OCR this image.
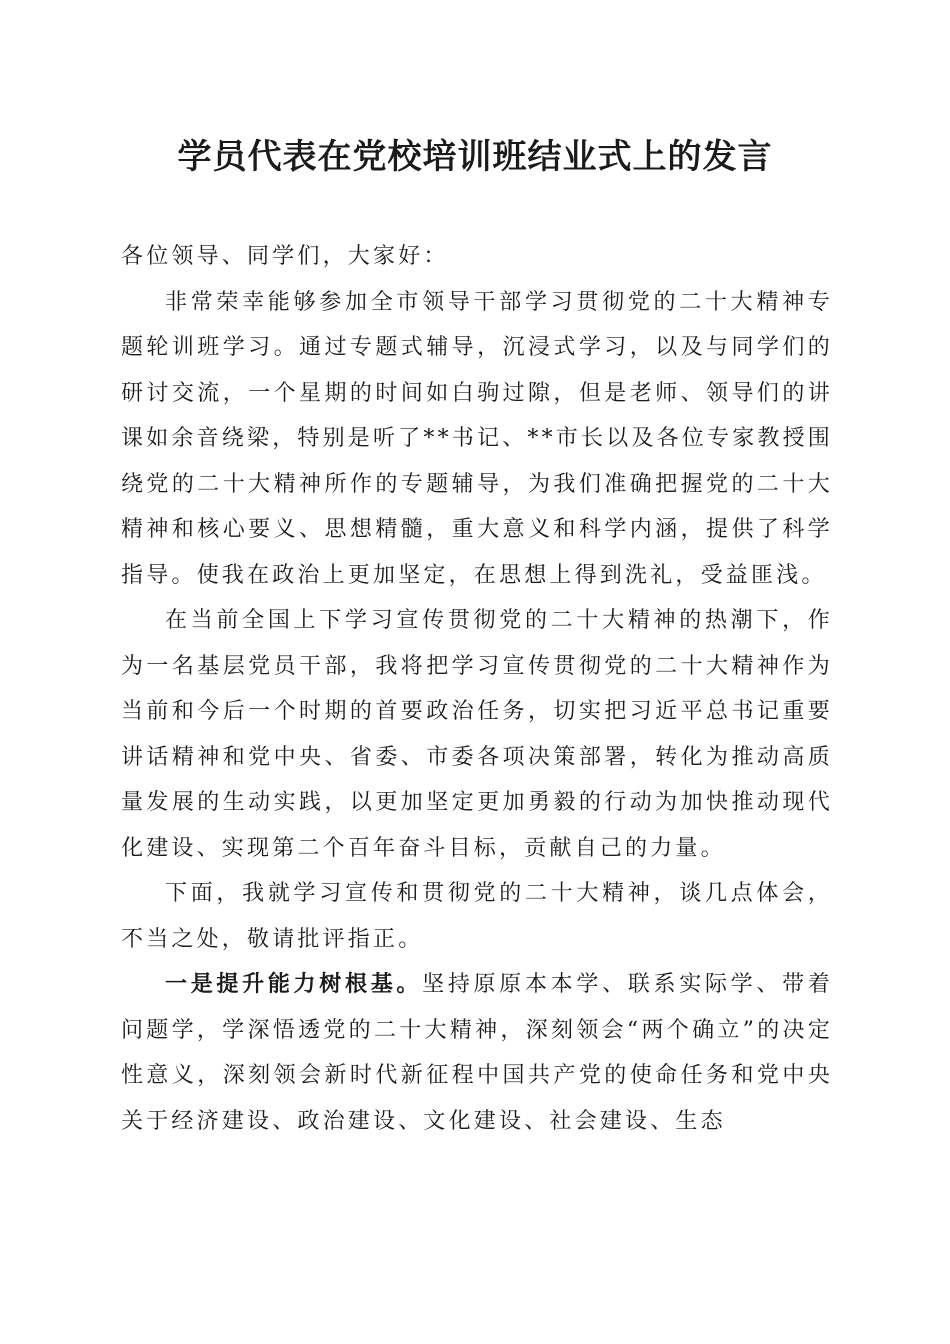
学员代表在党校培训班结业式上的发言

各位领导、同学们，大家好：

非常荣幸能够参加全市领导干部学习贯彻党的二十大精神专题轮训班学习。通过专题式辅导，沉浸式学习，以及与同学们的研讨交流，一个星期的时间如白驹过隙，但是老师、领导们的讲课如余音绕梁，特别是听了**书记、**市长以及各位专家教授围绕党的二十大精神所作的专题辅导，为我们准确把握党的二十大精神和核心要义、思想精髓，重大意义和科学内涵，提供了科学指导。使我在政治上更加坚定，在思想上得到洗礼，受益匪浅。

在当前全国上下学习宣传贯彻党的二十大精神的热潮下，作为一名基层党员干部，我将把学习宣传贯彻党的二十大精神作为当前和今后一个时期的首要政治任务，切实把习近平总书记重要讲话精神和党中央、省委、市委各项决策部署，转化为推动高质量发展的生动实践，以更加坚定更加勇毅的行动为加快推动现代化建设、实现第二个百年奋斗目标，贡献自己的力量。

下面，我就学习宣传和贯彻党的二十大精神，谈几点体会，不当之处，敬请批评指正。

一是提升能力树根基。坚持原原本本学、联系实际学、带着问题学，学深悟透党的二十大精神，深刻领会“两个确立”的决定性意义，深刻领会新时代新征程中国共产党的使命任务和党中央关于经济建设、政治建设、文化建设、社会建设、生态
